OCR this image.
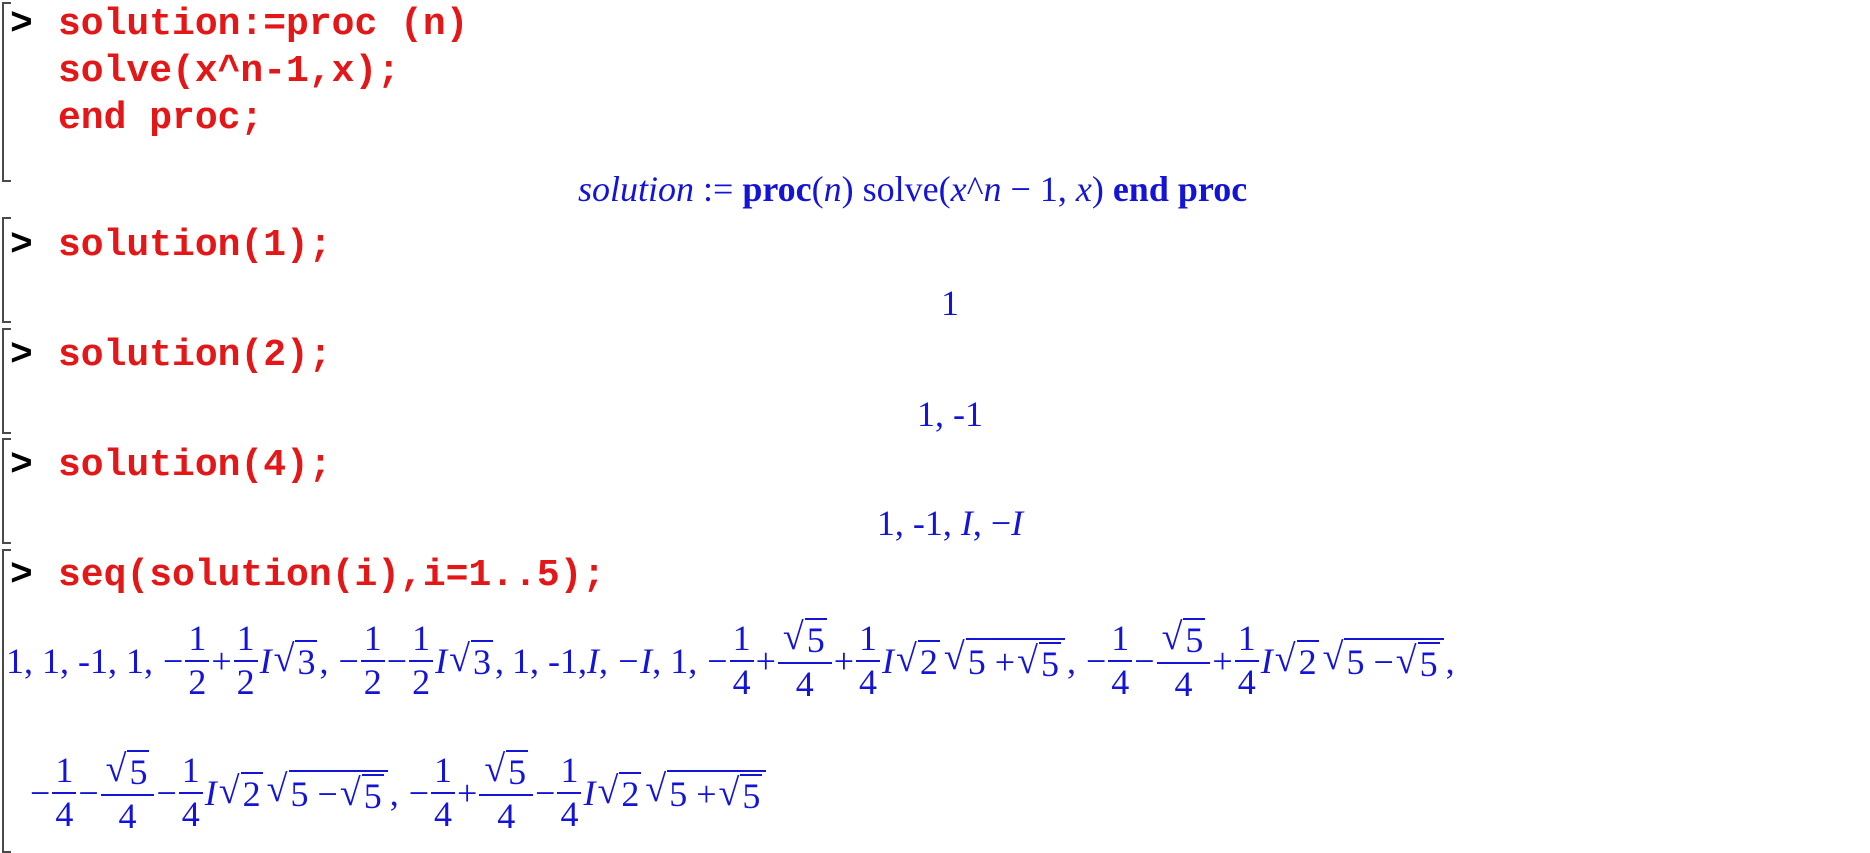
> solution:=proc (n)
solve(x^n-1,x);
end proc;
solution := proc(n) solve(x^n − 1, x) end proc
> solution(1);
1
> solution(2);
1, -1
> solution(4);
1, -1, I, −I
> seq(solution(i),i=1..5);
1, 1, -1, 1, − $\frac{1}{2} + \frac{1}{2}$ I √ 3 , − $\frac{1}{2} - \frac{1}{2}$ I √ 3 , 1, -1, I , −I , 1, − $\frac{1}{4} + \frac{√ 5}{4} + \frac{1}{4}$ I √ 2 √ 5 + √ 5 , − $\frac{1}{4} - \frac{√ 5}{4} + \frac{1}{4}$ I √ 2 √ 5 − √ 5 ,
− $\frac{1}{4} - \frac{√ 5}{4} - \frac{1}{4}$ I √ 2 √ 5 − √ 5 , − $\frac{1}{4} + \frac{√ 5}{4} - \frac{1}{4}$ I √ 2 √ 5 + √ 5
